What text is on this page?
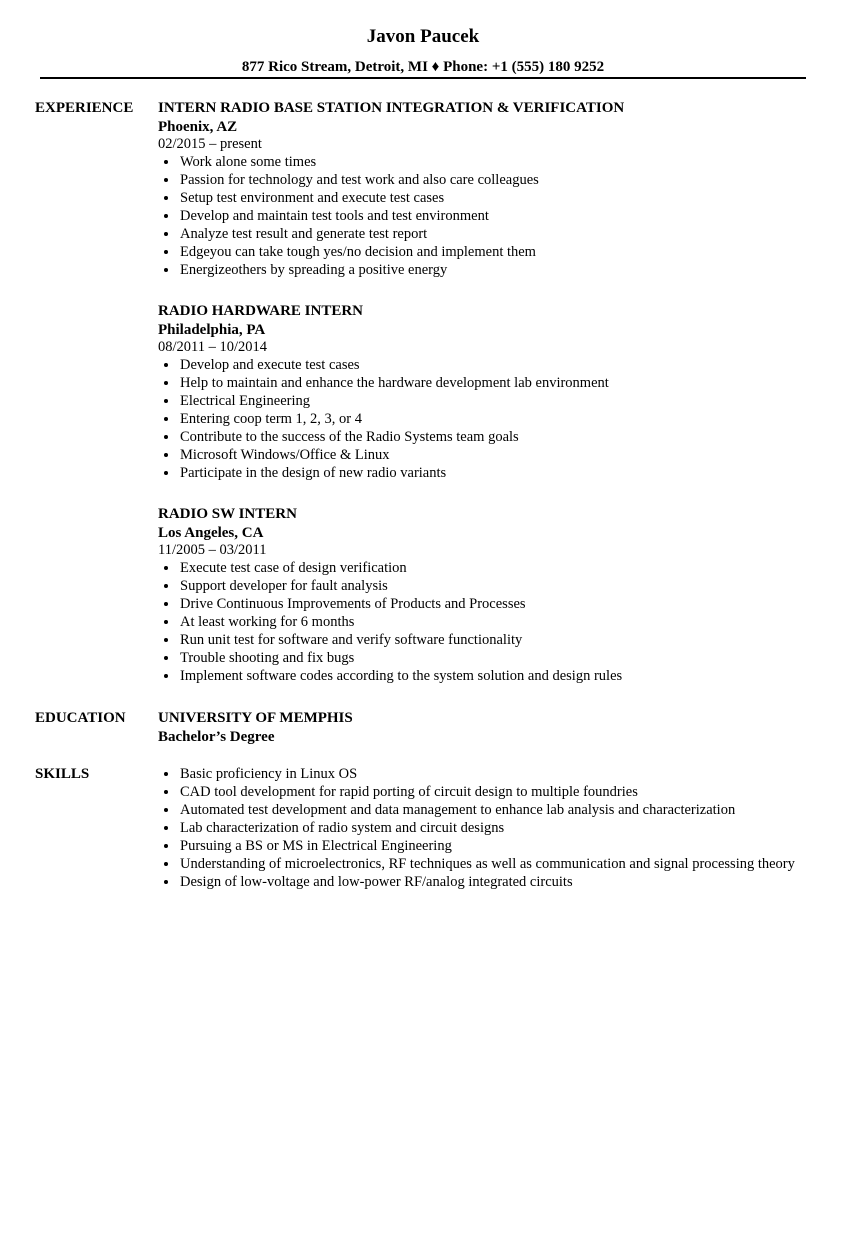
Javon Paucek
877 Rico Stream, Detroit, MI ♦ Phone: +1 (555) 180 9252
EXPERIENCE INTERN RADIO BASE STATION INTEGRATION & VERIFICATION
Phoenix, AZ
02/2015 – present
Work alone some times
Passion for technology and test work and also care colleagues
Setup test environment and execute test cases
Develop and maintain test tools and test environment
Analyze test result and generate test report
Edgeyou can take tough yes/no decision and implement them
Energizeothers by spreading a positive energy
RADIO HARDWARE INTERN
Philadelphia, PA
08/2011 – 10/2014
Develop and execute test cases
Help to maintain and enhance the hardware development lab environment
Electrical Engineering
Entering coop term 1, 2, 3, or 4
Contribute to the success of the Radio Systems team goals
Microsoft Windows/Office & Linux
Participate in the design of new radio variants
RADIO SW INTERN
Los Angeles, CA
11/2005 – 03/2011
Execute test case of design verification
Support developer for fault analysis
Drive Continuous Improvements of Products and Processes
At least working for 6 months
Run unit test for software and verify software functionality
Trouble shooting and fix bugs
Implement software codes according to the system solution and design rules
EDUCATION UNIVERSITY OF MEMPHIS
Bachelor’s Degree
SKILLS	Basic proficiency in Linux OS
CAD tool development for rapid porting of circuit design to multiple foundries
Automated test development and data management to enhance lab analysis and characterization
Lab characterization of radio system and circuit designs
Pursuing a BS or MS in Electrical Engineering
Understanding of microelectronics, RF techniques as well as communication and signal processing theory
Design of low-voltage and low-power RF/analog integrated circuits
